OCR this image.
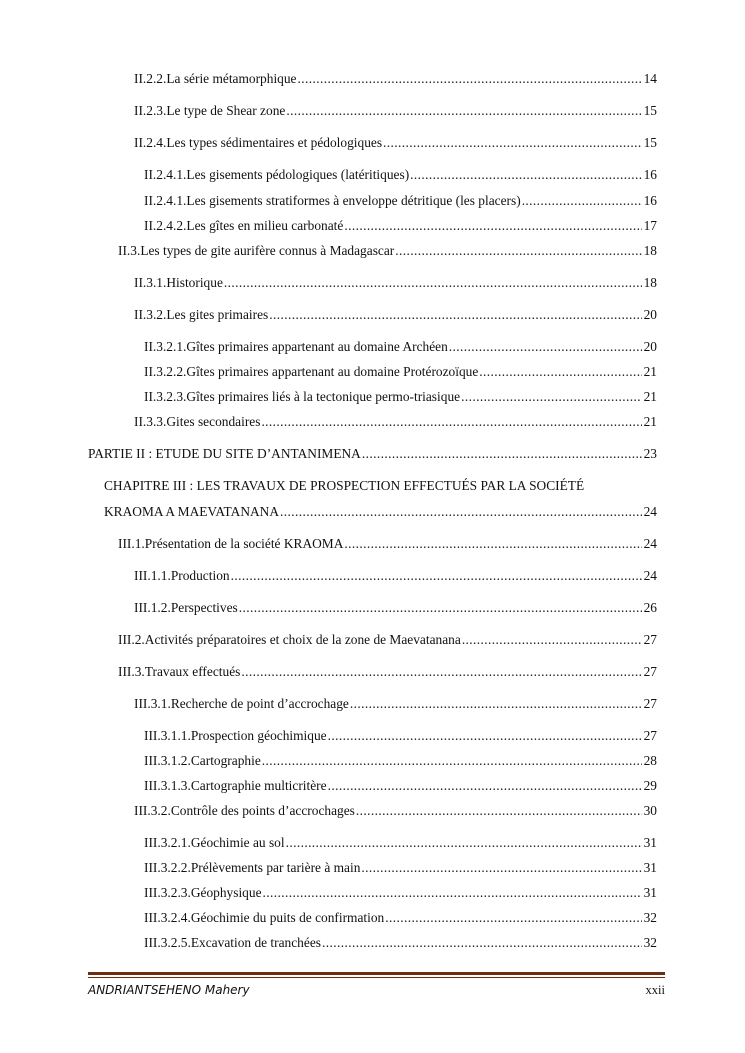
II.2.2. La série métamorphique .....	14
II.2.3. Le type de Shear zone .....	15
II.2.4. Les types sédimentaires et pédologiques .....	15
II.2.4.1. Les gisements pédologiques (latéritiques) .....	16
II.2.4.1. Les gisements stratiformes à enveloppe détritique (les placers) .....	16
II.2.4.2. Les gîtes en milieu carbonaté .....	17
II.3. Les types de gite aurifère connus à Madagascar .....	18
II.3.1. Historique .....	18
II.3.2. Les gites primaires .....	20
II.3.2.1. Gîtes primaires appartenant au domaine Archéen .....	20
II.3.2.2. Gîtes primaires appartenant au domaine Protérozoïque .....	21
II.3.2.3. Gîtes primaires liés à la tectonique permo-triasique .....	21
II.3.3. Gites secondaires .....	21
PARTIE II : ETUDE DU SITE D’ANTANIMENA .....	23
CHAPITRE III : LES TRAVAUX DE PROSPECTION EFFECTUÉS PAR LA SOCIÉTÉ
KRAOMA A MAEVATANANA .....	24
III.1. Présentation de la société KRAOMA .....	24
III.1.1. Production .....	24
III.1.2. Perspectives .....	26
III.2. Activités préparatoires et choix de la zone de Maevatanana .....	27
III.3. Travaux effectués .....	27
III.3.1. Recherche de point d’accrochage .....	27
III.3.1.1. Prospection géochimique .....	27
III.3.1.2. Cartographie .....	28
III.3.1.3. Cartographie multicritère .....	29
III.3.2. Contrôle des points d’accrochages .....	30
III.3.2.1. Géochimie au sol .....	31
III.3.2.2. Prélèvements par tarière à main .....	31
III.3.2.3. Géophysique .....	31
III.3.2.4. Géochimie du puits de confirmation .....	32
III.3.2.5. Excavation de tranchées .....	32
ANDRIANTSEHENO Mahery	xxii
